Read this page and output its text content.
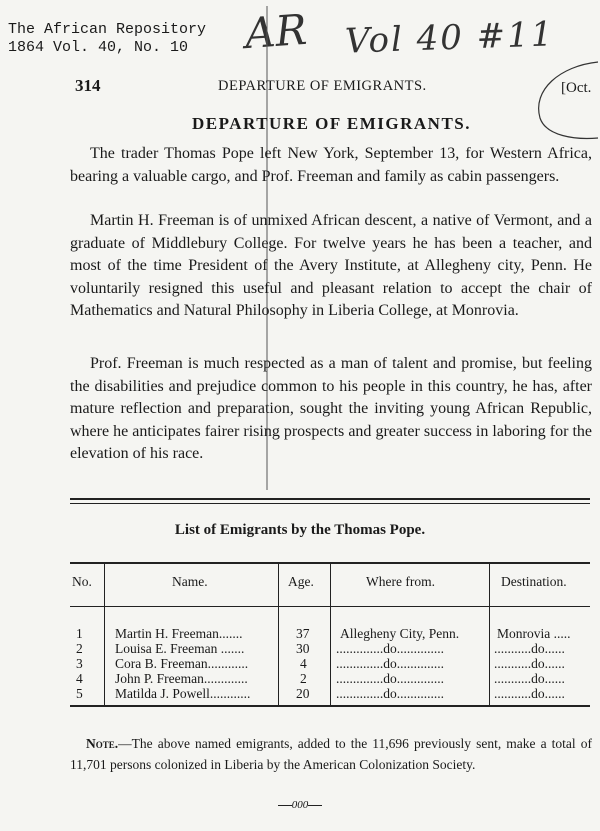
The African Repository
1864 Vol. 40, No. 10 AR Vol 40 #11
314	DEPARTURE OF EMIGRANTS.	[Oct.
DEPARTURE OF EMIGRANTS.

The trader Thomas Pope left New York, September 13, for Western Africa, bearing a valuable cargo, and Prof. Freeman and family as cabin passengers.

Martin H. Freeman is of unmixed African descent, a native of Vermont, and a graduate of Middlebury College. For twelve years he has been a teacher, and most of the time President of the Avery Institute, at Allegheny city, Penn. He voluntarily resigned this useful and pleasant relation to accept the chair of Mathematics and Natural Philosophy in Liberia College, at Monrovia.

Prof. Freeman is much respected as a man of talent and promise, but feeling the disabilities and prejudice common to his people in this country, he has, after mature reflection and preparation, sought the inviting young African Republic, where he anticipates fairer rising prospects and greater success in laboring for the elevation of his race.

List of Emigrants by the Thomas Pope.
No.	Name.	Age.	Where from.	Destination.
1 Martin H. Freeman.......	37 Allegheny City, Penn.	Monrovia .....
2 Louisa E. Freeman .......	30 ..............do..............	...........do......
3 Cora B. Freeman............	4 ..............do..............	...........do......
4 John P. Freeman.............	2 ..............do..............	...........do......
5 Matilda J. Powell............	20 ..............do..............	...........do......

Note.—The above named emigrants, added to the 11,696 previously sent, make a total of 11,701 persons colonized in Liberia by the American Colonization Society.

000
